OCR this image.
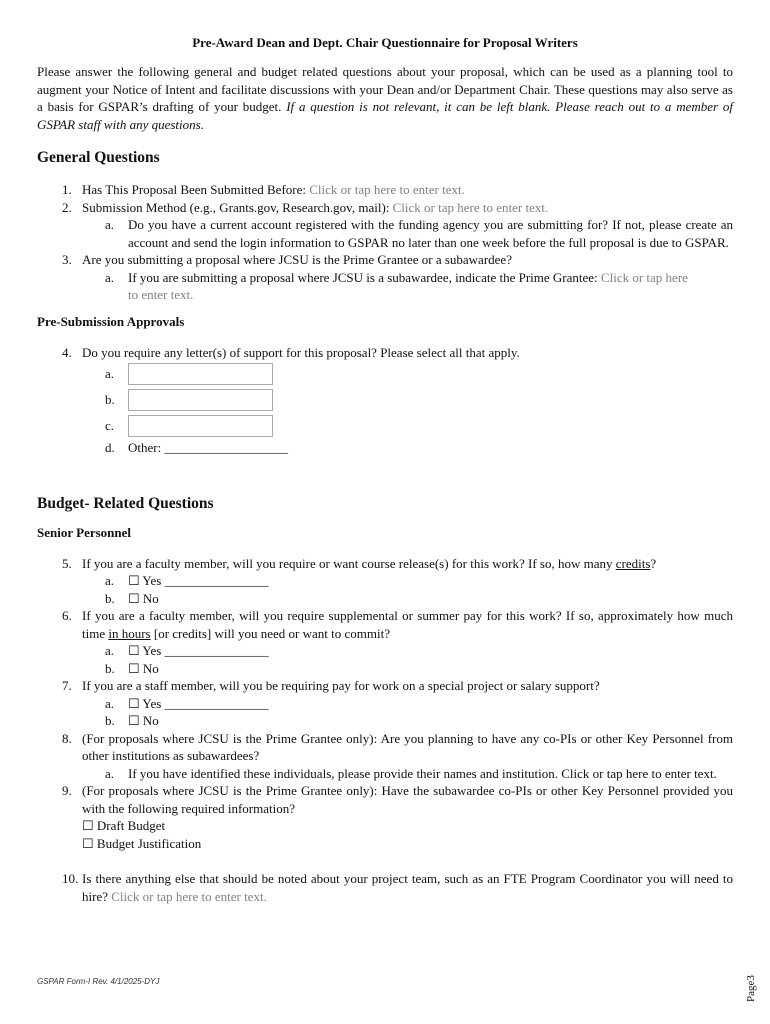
Pre-Award Dean and Dept. Chair Questionnaire for Proposal Writers

Please answer the following general and budget related questions about your proposal, which can be used as a planning tool to augment your Notice of Intent and facilitate discussions with your Dean and/or Department Chair. These questions may also serve as a basis for GSPAR’s drafting of your budget. If a question is not relevant, it can be left blank. Please reach out to a member of GSPAR staff with any questions.

General Questions
1. Has This Proposal Been Submitted Before: Click or tap here to enter text.
2. Submission Method (e.g., Grants.gov, Research.gov, mail): Click or tap here to enter text.
a.	Do you have a current account registered with the funding agency you are submitting for? If not, please create an account and send the login information to GSPAR no later than one week before the full proposal is due to GSPAR.
3. Are you submitting a proposal where JCSU is the Prime Grantee or a subawardee?
a.	If you are submitting a proposal where JCSU is a subawardee, indicate the Prime Grantee: Click or tap here
to enter text.
Pre-Submission Approvals
4. Do you require any letter(s) of support for this proposal? Please select all that apply.
a.
b.
c.
d.	Other: ___________________
Budget- Related Questions
Senior Personnel
5. If you are a faculty member, will you require or want course release(s) for this work? If so, how many credits?
a.	☐ Yes ________________
b.	☐ No
6. If you are a faculty member, will you require supplemental or summer pay for this work? If so, approximately how much time in hours [or credits] will you need or want to commit?
a.	☐ Yes ________________
b.	☐ No
7. If you are a staff member, will you be requiring pay for work on a special project or salary support?
a.	☐ Yes ________________
b.	☐ No
8. (For proposals where JCSU is the Prime Grantee only): Are you planning to have any co-PIs or other Key Personnel from other institutions as subawardees?
a.	If you have identified these individuals, please provide their names and institution. Click or tap here to enter text.
9. (For proposals where JCSU is the Prime Grantee only): Have the subawardee co-PIs or other Key Personnel provided you with the following required information?
☐ Draft Budget
☐ Budget Justification
10. Is there anything else that should be noted about your project team, such as an FTE Program Coordinator you will need to hire? Click or tap here to enter text.
Page3
GSPAR Form-I Rev. 4/1/2025-DYJ
